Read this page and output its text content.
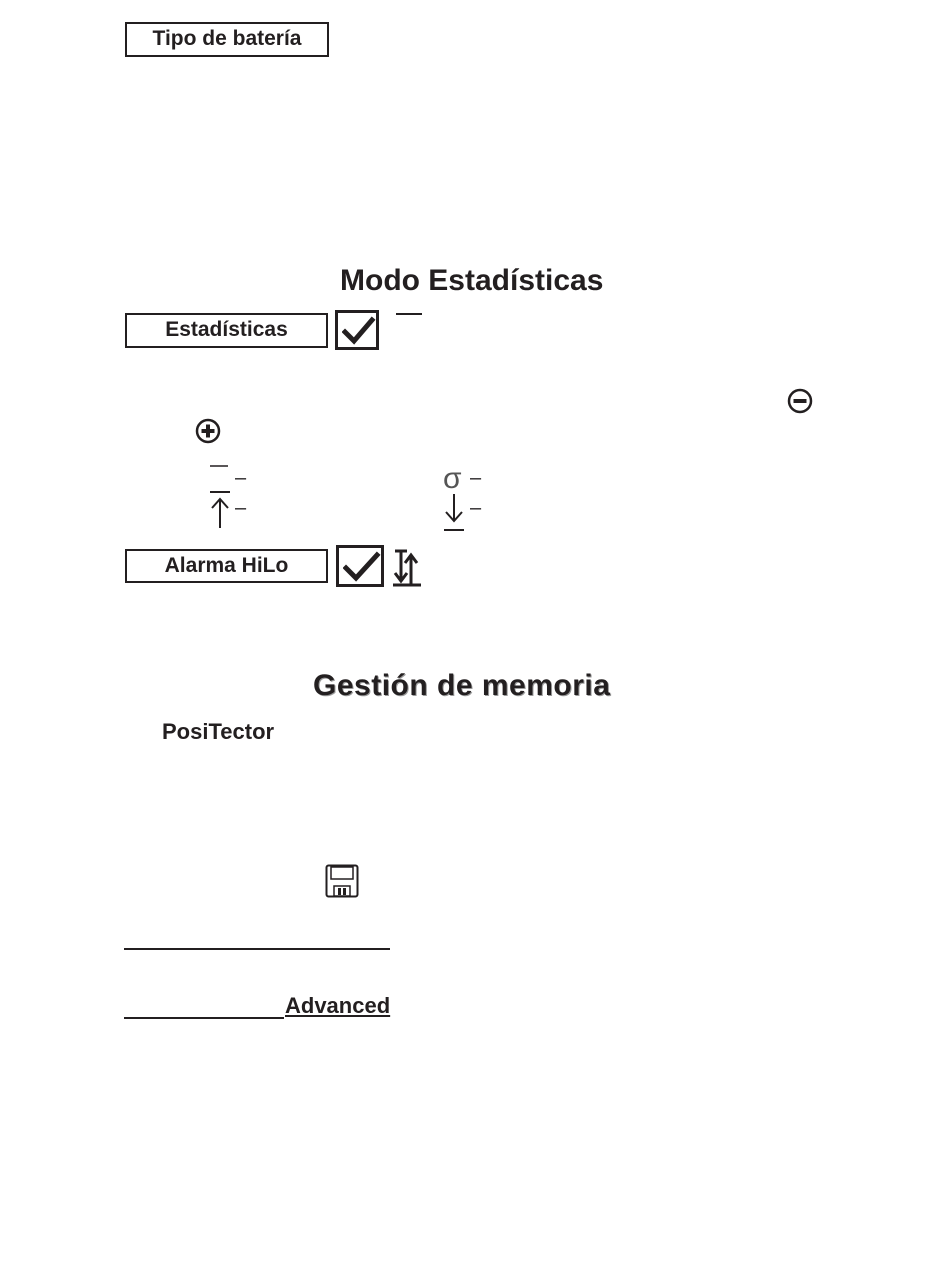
Tipo de batería
Modo Estadísticas
Estadísticas
–	σ –
–	–
Alarma HiLo
Gestión de memoria
PosiTector
Advanced
